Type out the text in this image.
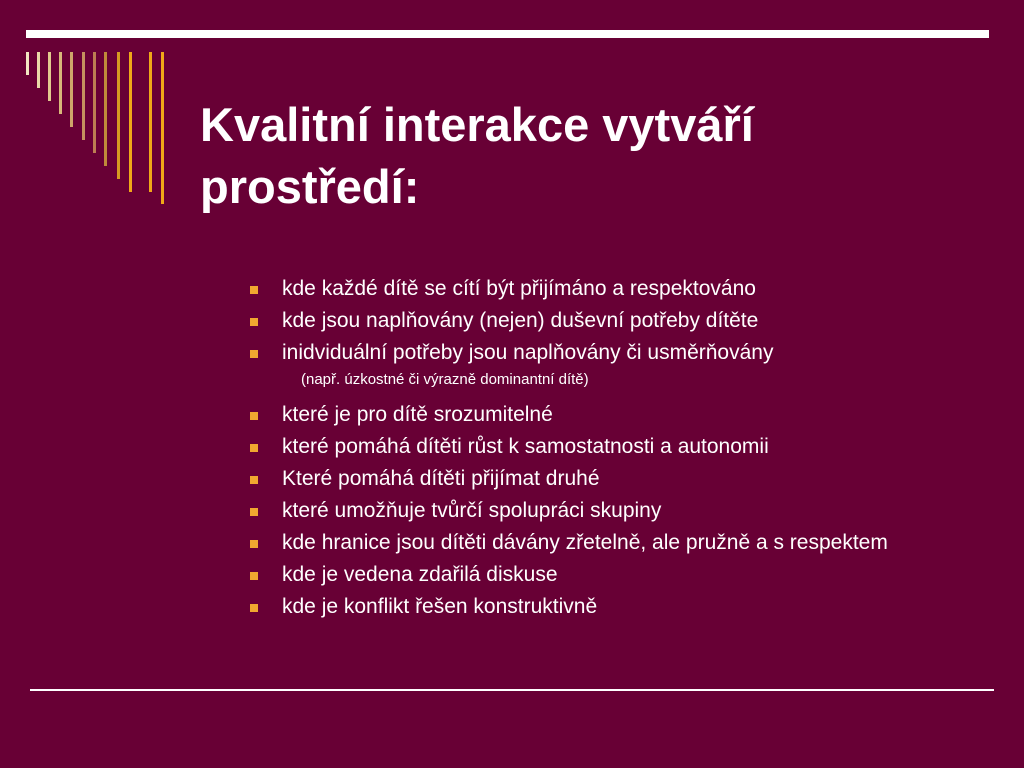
Kvalitní interakce vytváří prostředí:
kde každé dítě se cítí být přijímáno a respektováno
kde jsou naplňovány (nejen) duševní potřeby dítěte
inidviduální potřeby jsou naplňovány či usměrňovány
(např. úzkostné či výrazně dominantní dítě)
které je pro dítě srozumitelné
které pomáhá dítěti růst k samostatnosti a autonomii
Které pomáhá dítěti přijímat druhé
které umožňuje tvůrčí spolupráci skupiny
kde hranice jsou dítěti dávány zřetelně, ale pružně a s respektem
kde je vedena zdařilá diskuse
kde je konflikt řešen konstruktivně
